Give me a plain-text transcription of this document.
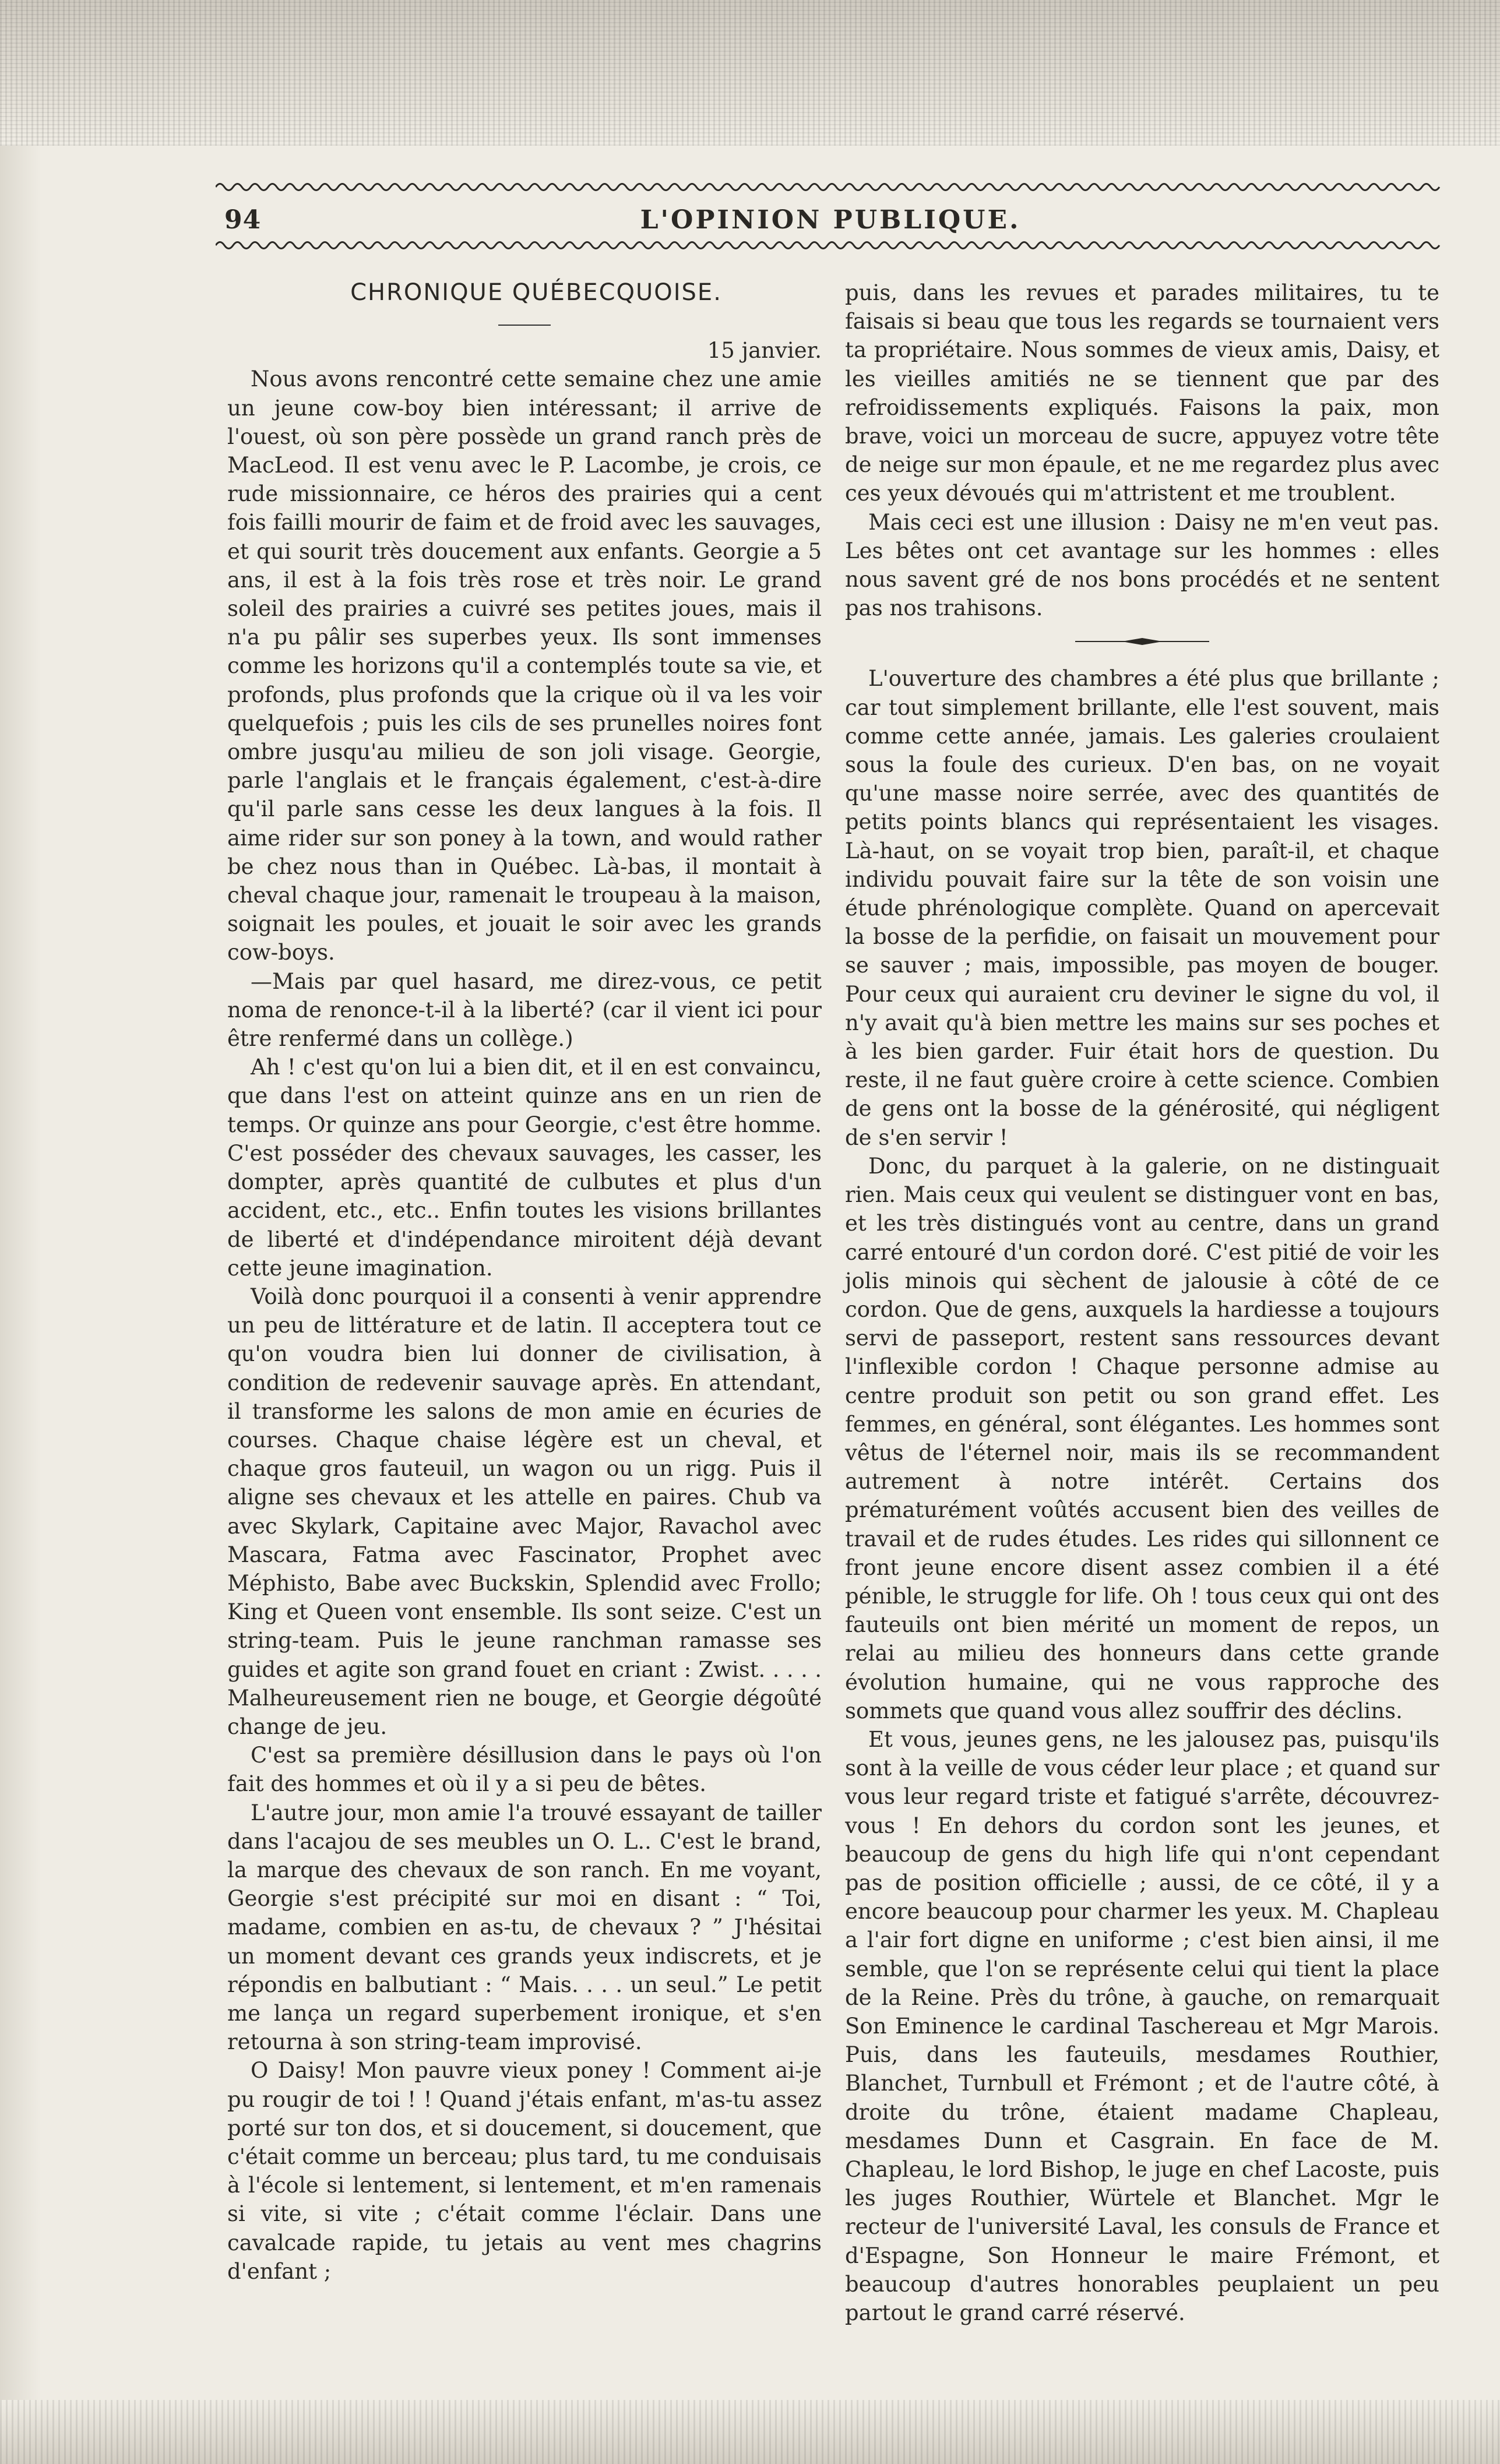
94	L'OPINION PUBLIQUE.

CHRONIQUE QUÉBECQUOISE.

15 janvier.

Nous avons rencontré cette semaine chez une amie un jeune cow-boy bien intéressant; il arrive de l'ouest, où son père possède un grand ranch près de MacLeod. Il est venu avec le P. Lacombe, je crois, ce rude missionnaire, ce héros des prairies qui a cent fois failli mourir de faim et de froid avec les sauvages, et qui sourit très doucement aux enfants. Georgie a 5 ans, il est à la fois très rose et très noir. Le grand soleil des prairies a cuivré ses petites joues, mais il n'a pu pâlir ses superbes yeux. Ils sont immenses comme les horizons qu'il a contemplés toute sa vie, et profonds, plus profonds que la crique où il va les voir quelquefois ; puis les cils de ses prunelles noires font ombre jusqu'au milieu de son joli visage. Georgie, parle l'anglais et le français également, c'est-à-dire qu'il parle sans cesse les deux langues à la fois. Il aime rider sur son poney à la town, and would rather be chez nous than in Québec. Là-bas, il montait à cheval chaque jour, ramenait le troupeau à la maison, soignait les poules, et jouait le soir avec les grands cow-boys.

—Mais par quel hasard, me direz-vous, ce petit noma de renonce-t-il à la liberté? (car il vient ici pour être renfermé dans un collège.)

Ah ! c'est qu'on lui a bien dit, et il en est convaincu, que dans l'est on atteint quinze ans en un rien de temps. Or quinze ans pour Georgie, c'est être homme. C'est posséder des chevaux sauvages, les casser, les dompter, après quantité de culbutes et plus d'un accident, etc., etc.. Enfin toutes les visions brillantes de liberté et d'indépendance miroitent déjà devant cette jeune imagination.

Voilà donc pourquoi il a consenti à venir apprendre un peu de littérature et de latin. Il acceptera tout ce qu'on voudra bien lui donner de civilisation, à condition de redevenir sauvage après. En attendant, il transforme les salons de mon amie en écuries de courses. Chaque chaise légère est un cheval, et chaque gros fauteuil, un wagon ou un rigg. Puis il aligne ses chevaux et les attelle en paires. Chub va avec Skylark, Capitaine avec Major, Ravachol avec Mascara, Fatma avec Fascinator, Prophet avec Méphisto, Babe avec Buckskin, Splendid avec Frollo; King et Queen vont ensemble. Ils sont seize. C'est un string-team. Puis le jeune ranchman ramasse ses guides et agite son grand fouet en criant : Zwist. . . . . Malheureusement rien ne bouge, et Georgie dégoûté change de jeu.

C'est sa première désillusion dans le pays où l'on fait des hommes et où il y a si peu de bêtes.

L'autre jour, mon amie l'a trouvé essayant de tailler dans l'acajou de ses meubles un O. L.. C'est le brand, la marque des chevaux de son ranch. En me voyant, Georgie s'est précipité sur moi en disant : “ Toi, madame, combien en as-tu, de chevaux ? ” J'hésitai un moment devant ces grands yeux indiscrets, et je répondis en balbutiant : “ Mais. . . . un seul.” Le petit me lança un regard superbement ironique, et s'en retourna à son string-team improvisé.

O Daisy! Mon pauvre vieux poney ! Comment ai-je pu rougir de toi ! ! Quand j'étais enfant, m'as-tu assez porté sur ton dos, et si doucement, si doucement, que c'était comme un berceau; plus tard, tu me conduisais à l'école si lentement, si lentement, et m'en ramenais si vite, si vite ; c'était comme l'éclair. Dans une cavalcade rapide, tu jetais au vent mes chagrins d'enfant ;

puis, dans les revues et parades militaires, tu te faisais si beau que tous les regards se tournaient vers ta propriétaire. Nous sommes de vieux amis, Daisy, et les vieilles amitiés ne se tiennent que par des refroidissements expliqués. Faisons la paix, mon brave, voici un morceau de sucre, appuyez votre tête de neige sur mon épaule, et ne me regardez plus avec ces yeux dévoués qui m'attristent et me troublent.

Mais ceci est une illusion : Daisy ne m'en veut pas. Les bêtes ont cet avantage sur les hommes : elles nous savent gré de nos bons procédés et ne sentent pas nos trahisons.

L'ouverture des chambres a été plus que brillante ; car tout simplement brillante, elle l'est souvent, mais comme cette année, jamais. Les galeries croulaient sous la foule des curieux. D'en bas, on ne voyait qu'une masse noire serrée, avec des quantités de petits points blancs qui représentaient les visages. Là-haut, on se voyait trop bien, paraît-il, et chaque individu pouvait faire sur la tête de son voisin une étude phrénologique complète. Quand on apercevait la bosse de la perfidie, on faisait un mouvement pour se sauver ; mais, impossible, pas moyen de bouger. Pour ceux qui auraient cru deviner le signe du vol, il n'y avait qu'à bien mettre les mains sur ses poches et à les bien garder. Fuir était hors de question. Du reste, il ne faut guère croire à cette science. Combien de gens ont la bosse de la générosité, qui négligent de s'en servir !

Donc, du parquet à la galerie, on ne distinguait rien. Mais ceux qui veulent se distinguer vont en bas, et les très distingués vont au centre, dans un grand carré entouré d'un cordon doré. C'est pitié de voir les jolis minois qui sèchent de jalousie à côté de ce cordon. Que de gens, auxquels la hardiesse a toujours servi de passeport, restent sans ressources devant l'inflexible cordon ! Chaque personne admise au centre produit son petit ou son grand effet. Les femmes, en général, sont élégantes. Les hommes sont vêtus de l'éternel noir, mais ils se recommandent autrement à notre intérêt. Certains dos prématurément voûtés accusent bien des veilles de travail et de rudes études. Les rides qui sillonnent ce front jeune encore disent assez combien il a été pénible, le struggle for life. Oh ! tous ceux qui ont des fauteuils ont bien mérité un moment de repos, un relai au milieu des honneurs dans cette grande évolution humaine, qui ne vous rapproche des sommets que quand vous allez souffrir des déclins.

Et vous, jeunes gens, ne les jalousez pas, puisqu'ils sont à la veille de vous céder leur place ; et quand sur vous leur regard triste et fatigué s'arrête, découvrez-vous ! En dehors du cordon sont les jeunes, et beaucoup de gens du high life qui n'ont cependant pas de position officielle ; aussi, de ce côté, il y a encore beaucoup pour charmer les yeux. M. Chapleau a l'air fort digne en uniforme ; c'est bien ainsi, il me semble, que l'on se représente celui qui tient la place de la Reine. Près du trône, à gauche, on remarquait Son Eminence le cardinal Taschereau et Mgr Marois. Puis, dans les fauteuils, mesdames Routhier, Blanchet, Turnbull et Frémont ; et de l'autre côté, à droite du trône, étaient madame Chapleau, mesdames Dunn et Casgrain. En face de M. Chapleau, le lord Bishop, le juge en chef Lacoste, puis les juges Routhier, Würtele et Blanchet. Mgr le recteur de l'université Laval, les consuls de France et d'Espagne, Son Honneur le maire Frémont, et beaucoup d'autres honorables peuplaient un peu partout le grand carré réservé.
